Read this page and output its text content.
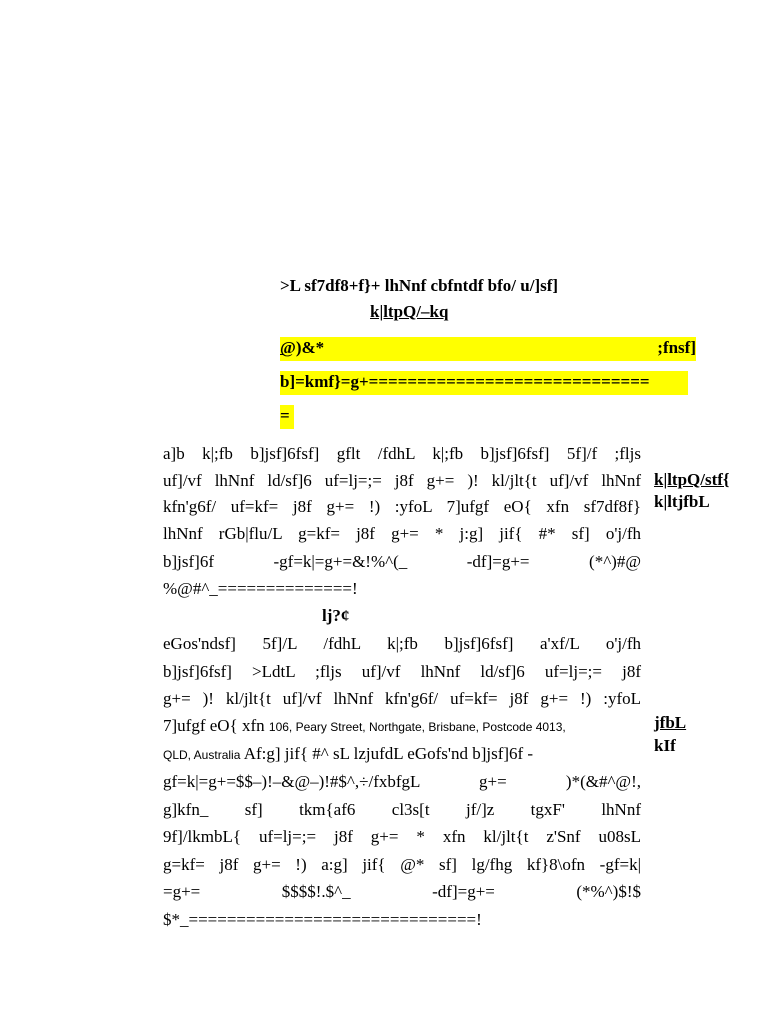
>L sf7df8+f}+ lhNnf cbfntdf bfo/ u/]sf]
k|ltpQ/–kq

@)&*	;fnsf]
b]=kmf}=g+=============================
=
k|ltpQ/stf{
k|ltjfbL
jfbL
kIf
a]b k|;fb b]jsf]6fsf] gflt /fdhL k|;fb b]jsf]6fsf] 5f]/f ;fljs
uf]/vf lhNnf ld/sf]6 uf=lj=;= j8f g+= )! kl/jlt{t uf]/vf lhNnf
kfn'g6f/ uf=kf= j8f g+= !) :yfoL 7]ufgf eO{ xfn sf7df8f}
lhNnf rGb|flu/L g=kf= j8f g+= * j:g] jif{ #* sf] o'j/fh
b]jsf]6f -gf=k|=g+=&!%^(_ -df]=g+= (*^)#@
%@#^_==============!
lj?¢
eGos'ndsf] 5f]/L /fdhL k|;fb b]jsf]6fsf] a'xf/L o'j/fh
b]jsf]6fsf] >LdtL ;fljs uf]/vf lhNnf ld/sf]6 uf=lj=;= j8f
g+= )! kl/jlt{t uf]/vf lhNnf kfn'g6f/ uf=kf= j8f g+= !) :yfoL
7]ufgf eO{ xfn 106, Peary Street, Northgate, Brisbane, Postcode 4013,
QLD, Australia Af:g] jif{ #^ sL lzjufdL eGofs'nd b]jsf]6f -
gf=k|=g+=$$–)!–&@–)!#$^,÷/fxbfgL g+= )*(&#^@!,
g]kfn_ sf] tkm{af6 cl3s[t jf/]z tgxF' lhNnf
9f]/lkmbL{ uf=lj=;= j8f g+= * xfn kl/jlt{t z'Snf u08sL
g=kf= j8f g+= !) a:g] jif{ @* sf] lg/fhg kf}8\ofn -gf=k|
=g+= $$$$!.$^_ -df]=g+= (*%^)$!$
$*_==============================!
